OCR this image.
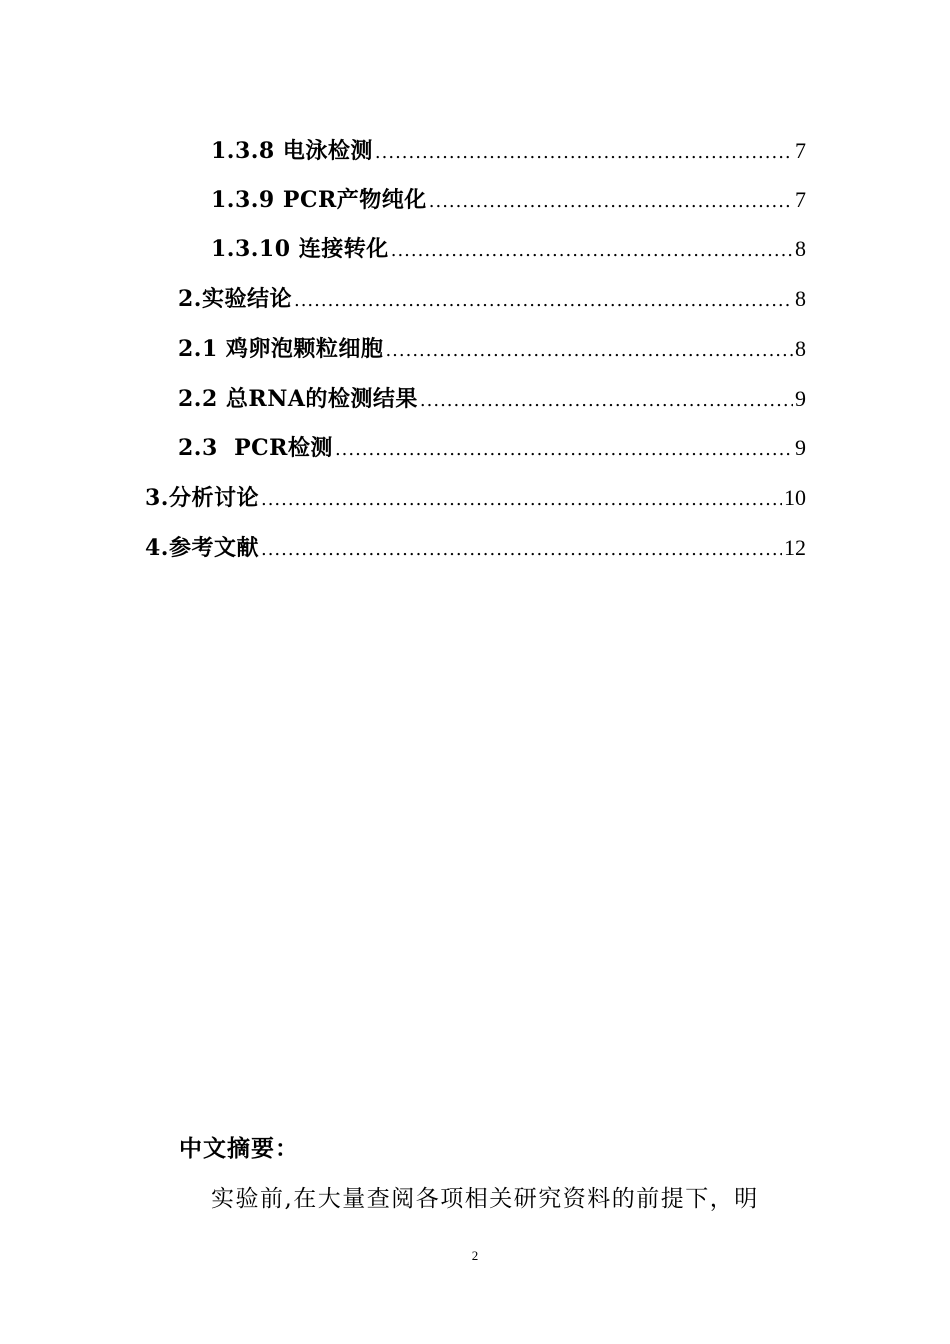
1.3.8 电泳检测 .....	7
1.3.9 PCR产物纯化 .....	7
1.3.10 连接转化 .....	8
2.实验结论 .....	8
2.1 鸡卵泡颗粒细胞 .....	8
2.2 总RNA的检测结果 .....	9
2.3  PCR检测 .....	9
3.分析讨论 .....	10
4.参考文献 .....	12
中文摘要：
实验前,在大量查阅各项相关研究资料的前提下，明
2
